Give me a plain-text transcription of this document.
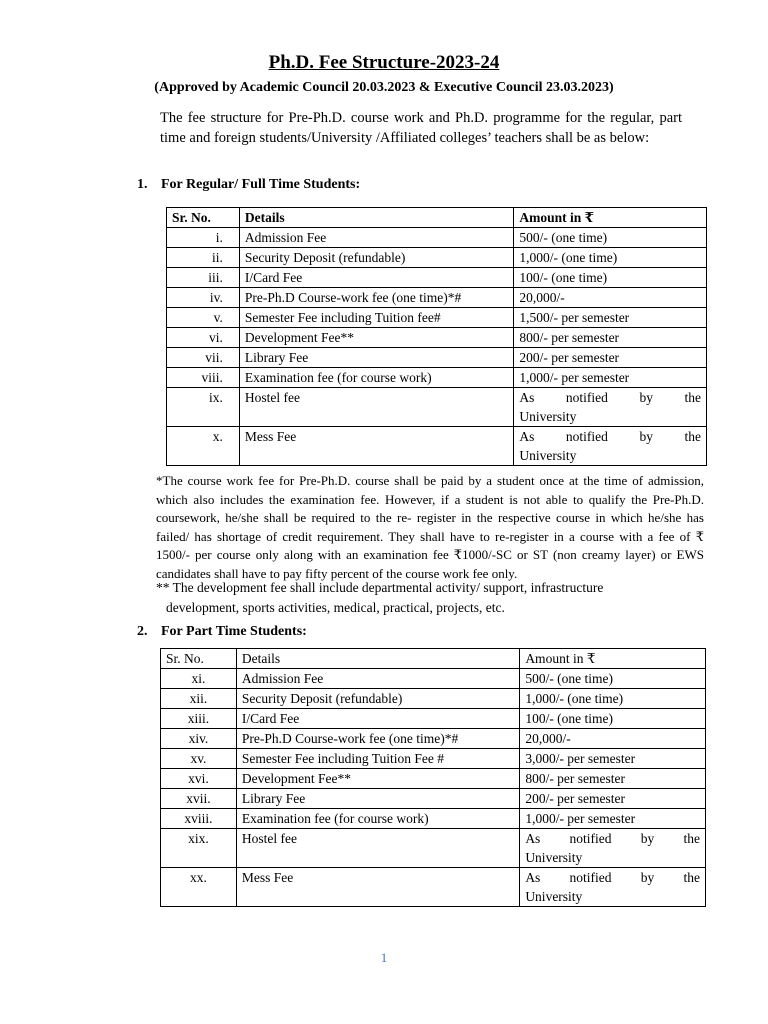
Ph.D. Fee Structure-2023-24
(Approved by Academic Council 20.03.2023 & Executive Council 23.03.2023)
The fee structure for Pre-Ph.D. course work and Ph.D. programme for the regular, part time and foreign students/University /Affiliated colleges’ teachers shall be as below:
1. For Regular/ Full Time Students:
Sr. No.	Details	Amount in ₹
i.	Admission Fee	500/- (one time)
ii.	Security Deposit (refundable)	1,000/- (one time)
iii.	I/Card Fee	100/- (one time)
iv.	Pre-Ph.D Course-work fee (one time)*#	20,000/-
v.	Semester Fee including Tuition fee#	1,500/- per semester
vi.	Development Fee**	800/- per semester
vii.	Library Fee	200/- per semester
viii.	Examination fee (for course work)	1,000/- per semester
ix.	Hostel fee	As notified by the
University

x.	Mess Fee	As notified by the
University
*The course work fee for Pre-Ph.D. course shall be paid by a student once at the time of admission, which also includes the examination fee. However, if a student is not able to qualify the Pre-Ph.D. coursework, he/she shall be required to the re- register in the respective course in which he/she has failed/ has shortage of credit requirement. They shall have to re-register in a course with a fee of ₹ 1500/- per course only along with an examination fee ₹1000/-SC or ST (non creamy layer) or EWS candidates shall have to pay fifty percent of the course work fee only.
** The development fee shall include departmental activity/ support, infrastructure
development, sports activities, medical, practical, projects, etc.
2. For Part Time Students:
Sr. No.	Details	Amount in ₹
xi.	Admission Fee	500/- (one time)
xii.	Security Deposit (refundable)	1,000/- (one time)
xiii.	I/Card Fee	100/- (one time)
xiv.	Pre-Ph.D Course-work fee (one time)*#	20,000/-
xv.	Semester Fee including Tuition Fee #	3,000/- per semester
xvi.	Development Fee**	800/- per semester
xvii.	Library Fee	200/- per semester
xviii.	Examination fee (for course work)	1,000/- per semester
xix.	Hostel fee	As notified by the
University

xx.	Mess Fee	As notified by the
University
1
